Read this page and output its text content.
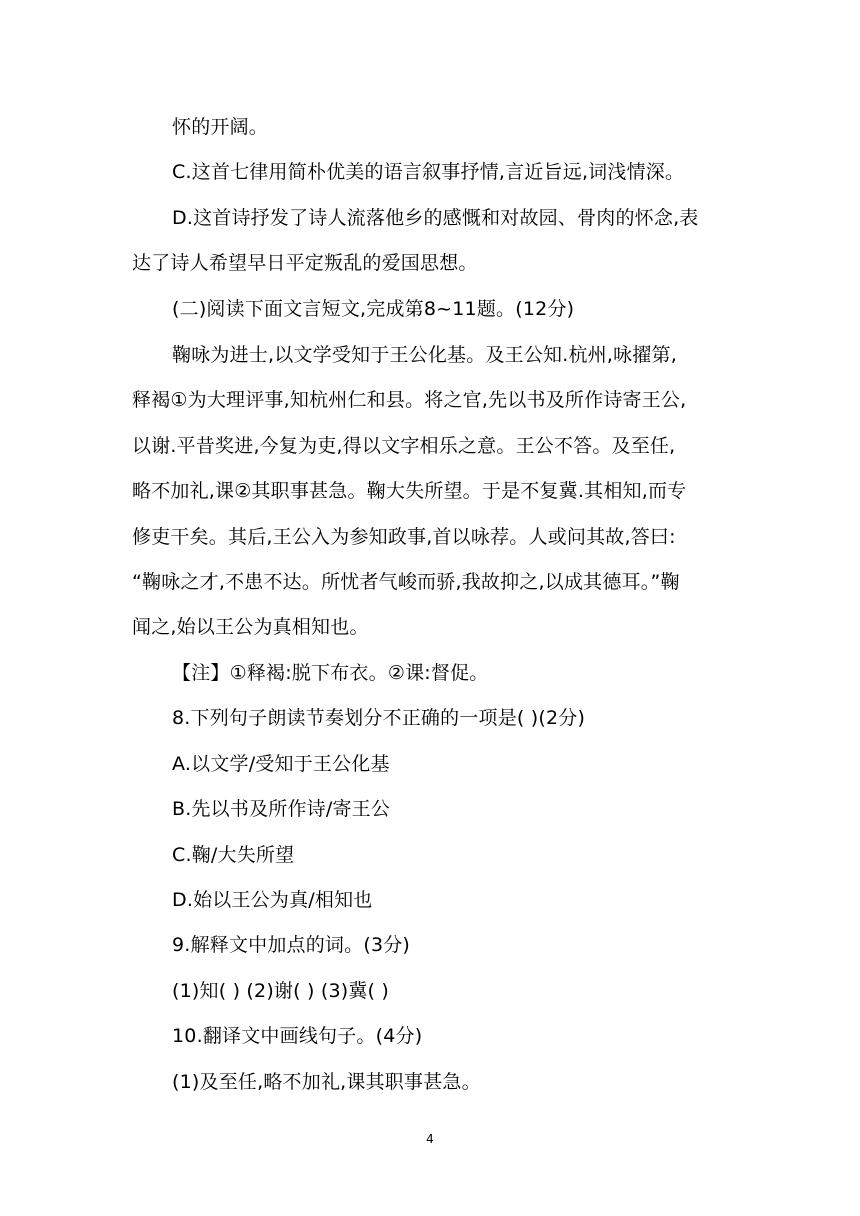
怀的开阔。
C.这首七律用简朴优美的语言叙事抒情,言近旨远,词浅情深。
D.这首诗抒发了诗人流落他乡的感慨和对故园、骨肉的怀念,表
达了诗人希望早日平定叛乱的爱国思想。
(二)阅读下面文言短文,完成第8~11题。(12分)
鞠咏为进士,以文学受知于王公化基。及王公知.杭州,咏擢第,
释褐①为大理评事,知杭州仁和县。将之官,先以书及所作诗寄王公,
以谢.平昔奖进,今复为吏,得以文字相乐之意。王公不答。及至任,
略不加礼,课②其职事甚急。鞠大失所望。于是不复冀.其相知,而专
修吏干矣。其后,王公入为参知政事,首以咏荐。人或问其故,答曰:
“鞠咏之才,不患不达。所忧者气峻而骄,我故抑之,以成其德耳。”鞠
闻之,始以王公为真相知也。
【注】①释褐:脱下布衣。②课:督促。
8.下列句子朗读节奏划分不正确的一项是( )(2分)
A.以文学/受知于王公化基
B.先以书及所作诗/寄王公
C.鞠/大失所望
D.始以王公为真/相知也
9.解释文中加点的词。(3分)
(1)知( ) (2)谢( ) (3)冀( )
10.翻译文中画线句子。(4分)
(1)及至任,略不加礼,课其职事甚急。
4
